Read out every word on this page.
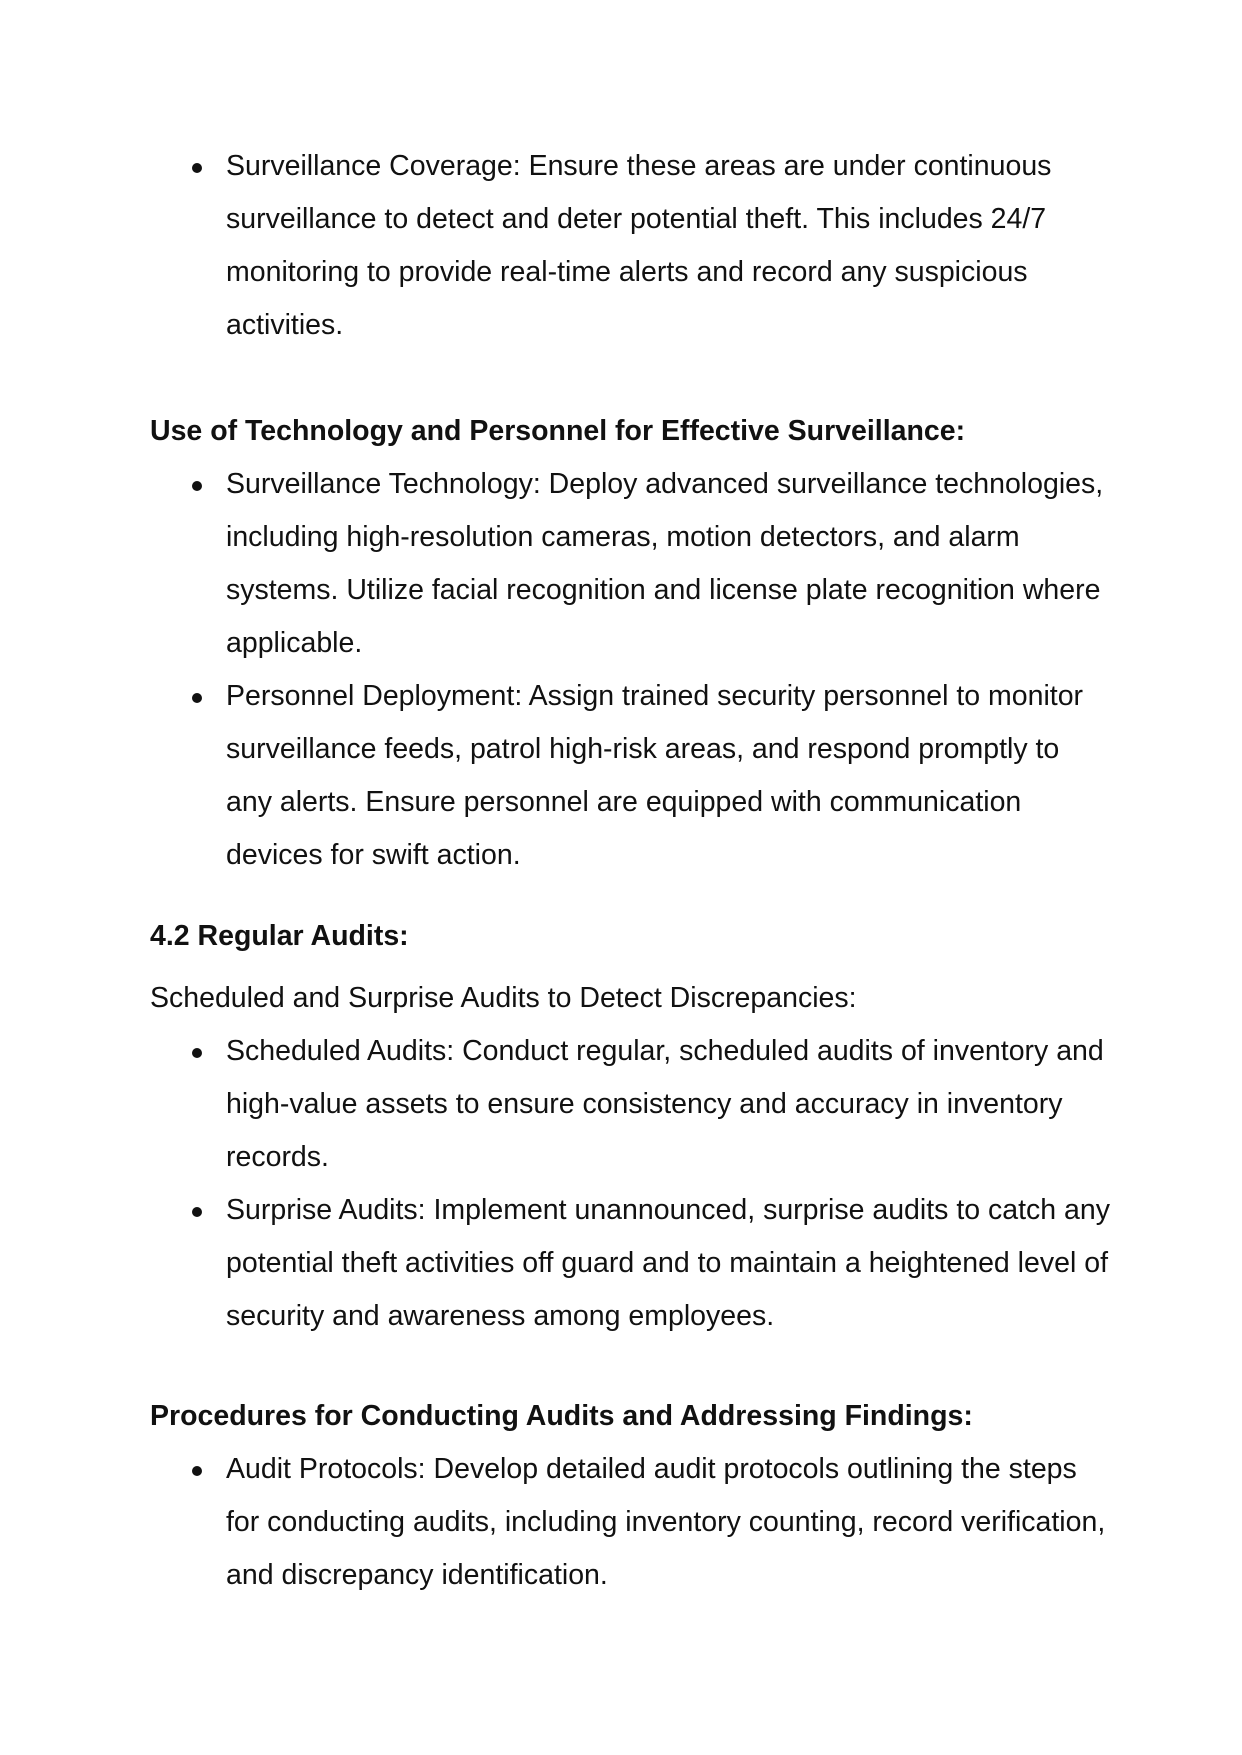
Surveillance Coverage: Ensure these areas are under continuous surveillance to detect and deter potential theft. This includes 24/7 monitoring to provide real-time alerts and record any suspicious activities.

Use of Technology and Personnel for Effective Surveillance:

Surveillance Technology: Deploy advanced surveillance technologies, including high-resolution cameras, motion detectors, and alarm systems. Utilize facial recognition and license plate recognition where applicable.
Personnel Deployment: Assign trained security personnel to monitor surveillance feeds, patrol high-risk areas, and respond promptly to any alerts. Ensure personnel are equipped with communication devices for swift action.

4.2 Regular Audits:

Scheduled and Surprise Audits to Detect Discrepancies:

Scheduled Audits: Conduct regular, scheduled audits of inventory and high-value assets to ensure consistency and accuracy in inventory records.
Surprise Audits: Implement unannounced, surprise audits to catch any potential theft activities off guard and to maintain a heightened level of security and awareness among employees.

Procedures for Conducting Audits and Addressing Findings:

Audit Protocols: Develop detailed audit protocols outlining the steps for conducting audits, including inventory counting, record verification, and discrepancy identification.
